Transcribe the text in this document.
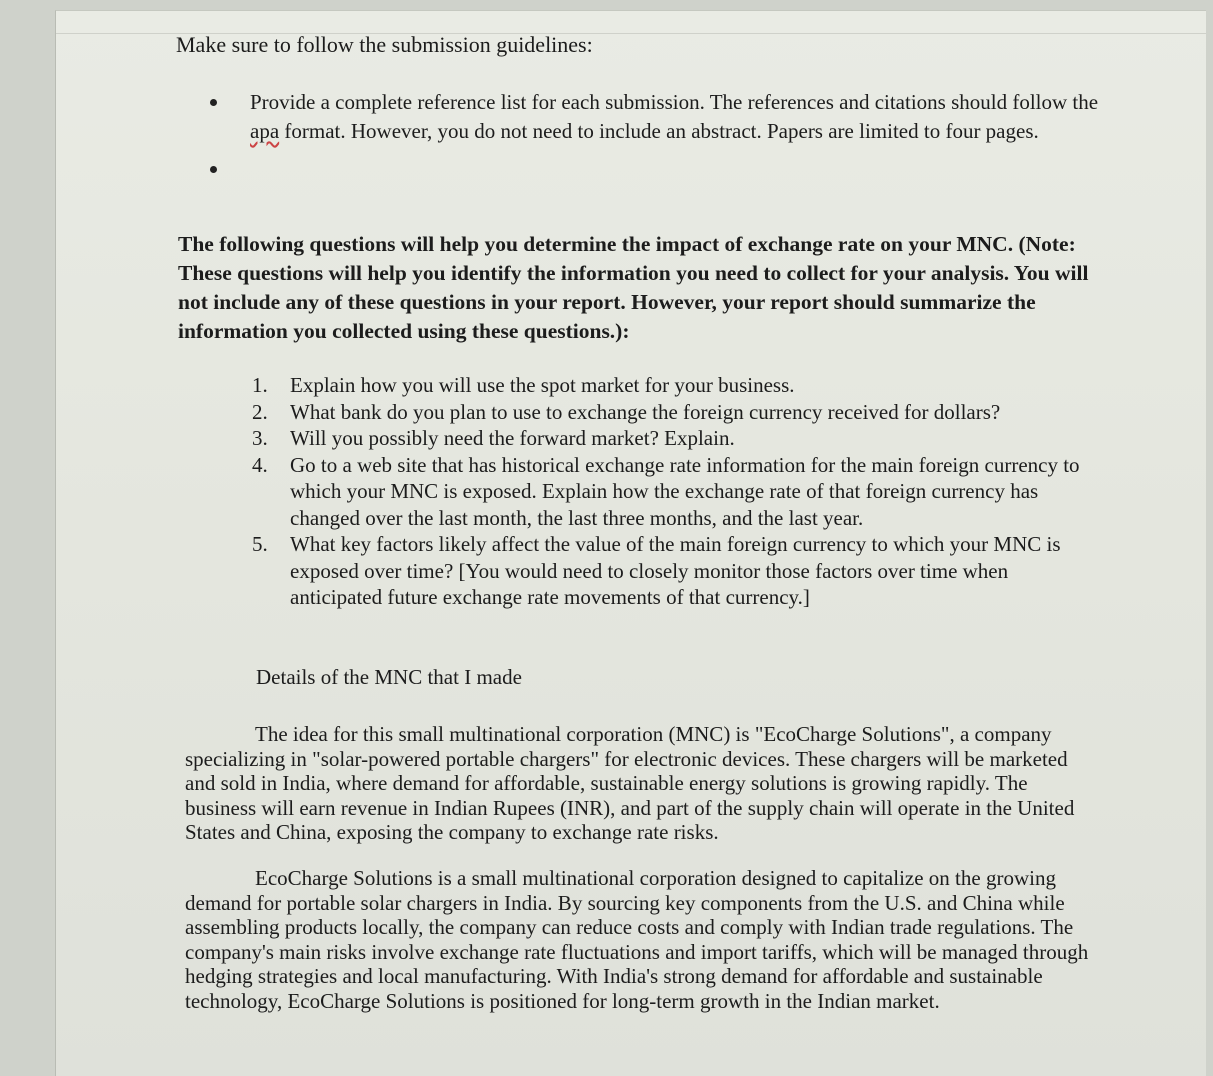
Make sure to follow the submission guidelines:

Provide a complete reference list for each submission. The references and citations should follow the apa format. However, you do not need to include an abstract. Papers are limited to four pages.

The following questions will help you determine the impact of exchange rate on your MNC. (Note: These questions will help you identify the information you need to collect for your analysis. You will not include any of these questions in your report. However, your report should summarize the information you collected using these questions.):

1. Explain how you will use the spot market for your business.
2. What bank do you plan to use to exchange the foreign currency received for dollars?
3. Will you possibly need the forward market? Explain.
4. Go to a web site that has historical exchange rate information for the main foreign currency to which your MNC is exposed. Explain how the exchange rate of that foreign currency has changed over the last month, the last three months, and the last year.
5. What key factors likely affect the value of the main foreign currency to which your MNC is exposed over time? [You would need to closely monitor those factors over time when anticipated future exchange rate movements of that currency.]

Details of the MNC that I made

The idea for this small multinational corporation (MNC) is "EcoCharge Solutions", a company specializing in "solar-powered portable chargers" for electronic devices. These chargers will be marketed and sold in India, where demand for affordable, sustainable energy solutions is growing rapidly. The business will earn revenue in Indian Rupees (INR), and part of the supply chain will operate in the United States and China, exposing the company to exchange rate risks.

EcoCharge Solutions is a small multinational corporation designed to capitalize on the growing demand for portable solar chargers in India. By sourcing key components from the U.S. and China while assembling products locally, the company can reduce costs and comply with Indian trade regulations. The company's main risks involve exchange rate fluctuations and import tariffs, which will be managed through hedging strategies and local manufacturing. With India's strong demand for affordable and sustainable technology, EcoCharge Solutions is positioned for long-term growth in the Indian market.
